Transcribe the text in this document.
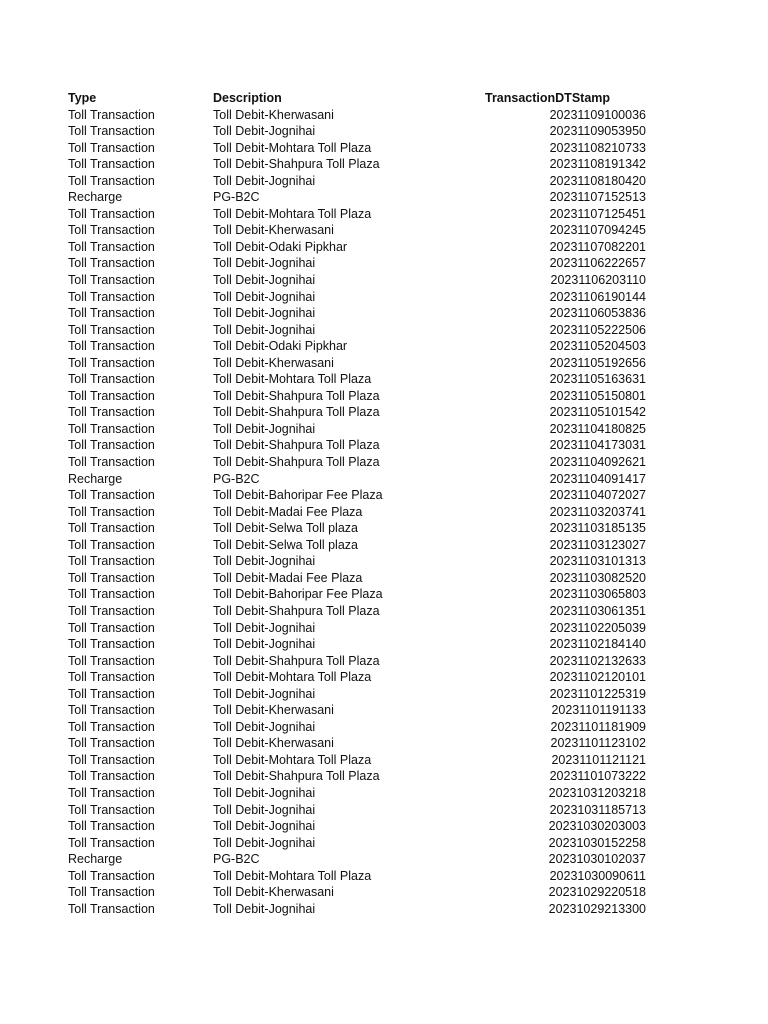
Type	Description	TransactionDTStamp
Toll Transaction	Toll Debit-Kherwasani	20231109100036
Toll Transaction	Toll Debit-Jognihai	20231109053950
Toll Transaction	Toll Debit-Mohtara Toll Plaza	20231108210733
Toll Transaction	Toll Debit-Shahpura Toll Plaza	20231108191342
Toll Transaction	Toll Debit-Jognihai	20231108180420
Recharge	PG-B2C	20231107152513
Toll Transaction	Toll Debit-Mohtara Toll Plaza	20231107125451
Toll Transaction	Toll Debit-Kherwasani	20231107094245
Toll Transaction	Toll Debit-Odaki Pipkhar	20231107082201
Toll Transaction	Toll Debit-Jognihai	20231106222657
Toll Transaction	Toll Debit-Jognihai	20231106203110
Toll Transaction	Toll Debit-Jognihai	20231106190144
Toll Transaction	Toll Debit-Jognihai	20231106053836
Toll Transaction	Toll Debit-Jognihai	20231105222506
Toll Transaction	Toll Debit-Odaki Pipkhar	20231105204503
Toll Transaction	Toll Debit-Kherwasani	20231105192656
Toll Transaction	Toll Debit-Mohtara Toll Plaza	20231105163631
Toll Transaction	Toll Debit-Shahpura Toll Plaza	20231105150801
Toll Transaction	Toll Debit-Shahpura Toll Plaza	20231105101542
Toll Transaction	Toll Debit-Jognihai	20231104180825
Toll Transaction	Toll Debit-Shahpura Toll Plaza	20231104173031
Toll Transaction	Toll Debit-Shahpura Toll Plaza	20231104092621
Recharge	PG-B2C	20231104091417
Toll Transaction	Toll Debit-Bahoripar Fee Plaza	20231104072027
Toll Transaction	Toll Debit-Madai Fee Plaza	20231103203741
Toll Transaction	Toll Debit-Selwa Toll plaza	20231103185135
Toll Transaction	Toll Debit-Selwa Toll plaza	20231103123027
Toll Transaction	Toll Debit-Jognihai	20231103101313
Toll Transaction	Toll Debit-Madai Fee Plaza	20231103082520
Toll Transaction	Toll Debit-Bahoripar Fee Plaza	20231103065803
Toll Transaction	Toll Debit-Shahpura Toll Plaza	20231103061351
Toll Transaction	Toll Debit-Jognihai	20231102205039
Toll Transaction	Toll Debit-Jognihai	20231102184140
Toll Transaction	Toll Debit-Shahpura Toll Plaza	20231102132633
Toll Transaction	Toll Debit-Mohtara Toll Plaza	20231102120101
Toll Transaction	Toll Debit-Jognihai	20231101225319
Toll Transaction	Toll Debit-Kherwasani	20231101191133
Toll Transaction	Toll Debit-Jognihai	20231101181909
Toll Transaction	Toll Debit-Kherwasani	20231101123102
Toll Transaction	Toll Debit-Mohtara Toll Plaza	20231101121121
Toll Transaction	Toll Debit-Shahpura Toll Plaza	20231101073222
Toll Transaction	Toll Debit-Jognihai	20231031203218
Toll Transaction	Toll Debit-Jognihai	20231031185713
Toll Transaction	Toll Debit-Jognihai	20231030203003
Toll Transaction	Toll Debit-Jognihai	20231030152258
Recharge	PG-B2C	20231030102037
Toll Transaction	Toll Debit-Mohtara Toll Plaza	20231030090611
Toll Transaction	Toll Debit-Kherwasani	20231029220518
Toll Transaction	Toll Debit-Jognihai	20231029213300
